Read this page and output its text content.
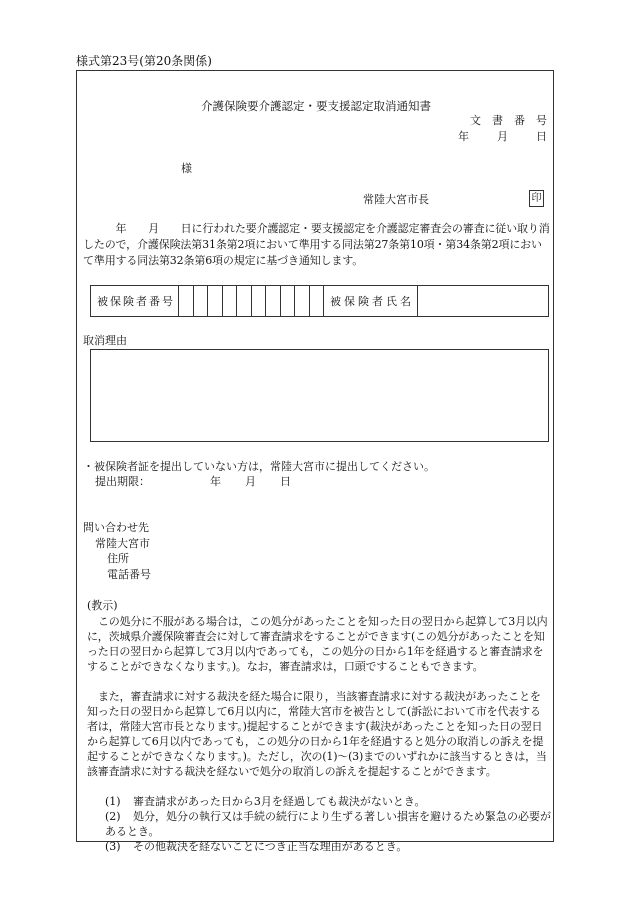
様式第23号(第20条関係)
介護保険要介護認定・要支援認定取消通知書
文書番号
年	月	日
様
常陸大宮市長	印
　　　年　　月　　日に行われた要介護認定・要支援認定を介護認定審査会の審査に従い取り消したので，介護保険法第31条第2項において準用する同法第27条第10項・第34条第2項において準用する同法第32条第6項の規定に基づき通知します。
被保険者番号	被保険者氏名
取消理由
・被保険者証を提出していない方は，常陸大宮市に提出してください。
提出期限：	年 月 日
問い合わせ先
常陸大宮市
住所
電話番号
(教示)
この処分に不服がある場合は，この処分があったことを知った日の翌日から起算して3月以内に，茨城県介護保険審査会に対して審査請求をすることができます(この処分があったことを知った日の翌日から起算して3月以内であっても，この処分の日から1年を経過すると審査請求をすることができなくなります。)。なお，審査請求は，口頭ですることもできます。
また，審査請求に対する裁決を経た場合に限り，当該審査請求に対する裁決があったことを知った日の翌日から起算して6月以内に，常陸大宮市を被告として(訴訟において市を代表する者は，常陸大宮市長となります。)提起することができます(裁決があったことを知った日の翌日から起算して6月以内であっても，この処分の日から1年を経過すると処分の取消しの訴えを提起することができなくなります。)。ただし，次の(1)～(3)までのいずれかに該当するときは，当該審査請求に対する裁決を経ないで処分の取消しの訴えを提起することができます。
(1) 審査請求があった日から3月を経過しても裁決がないとき。
(2) 処分，処分の執行又は手続の続行により生ずる著しい損害を避けるため緊急の必要があるとき。
(3) その他裁決を経ないことにつき正当な理由があるとき。
